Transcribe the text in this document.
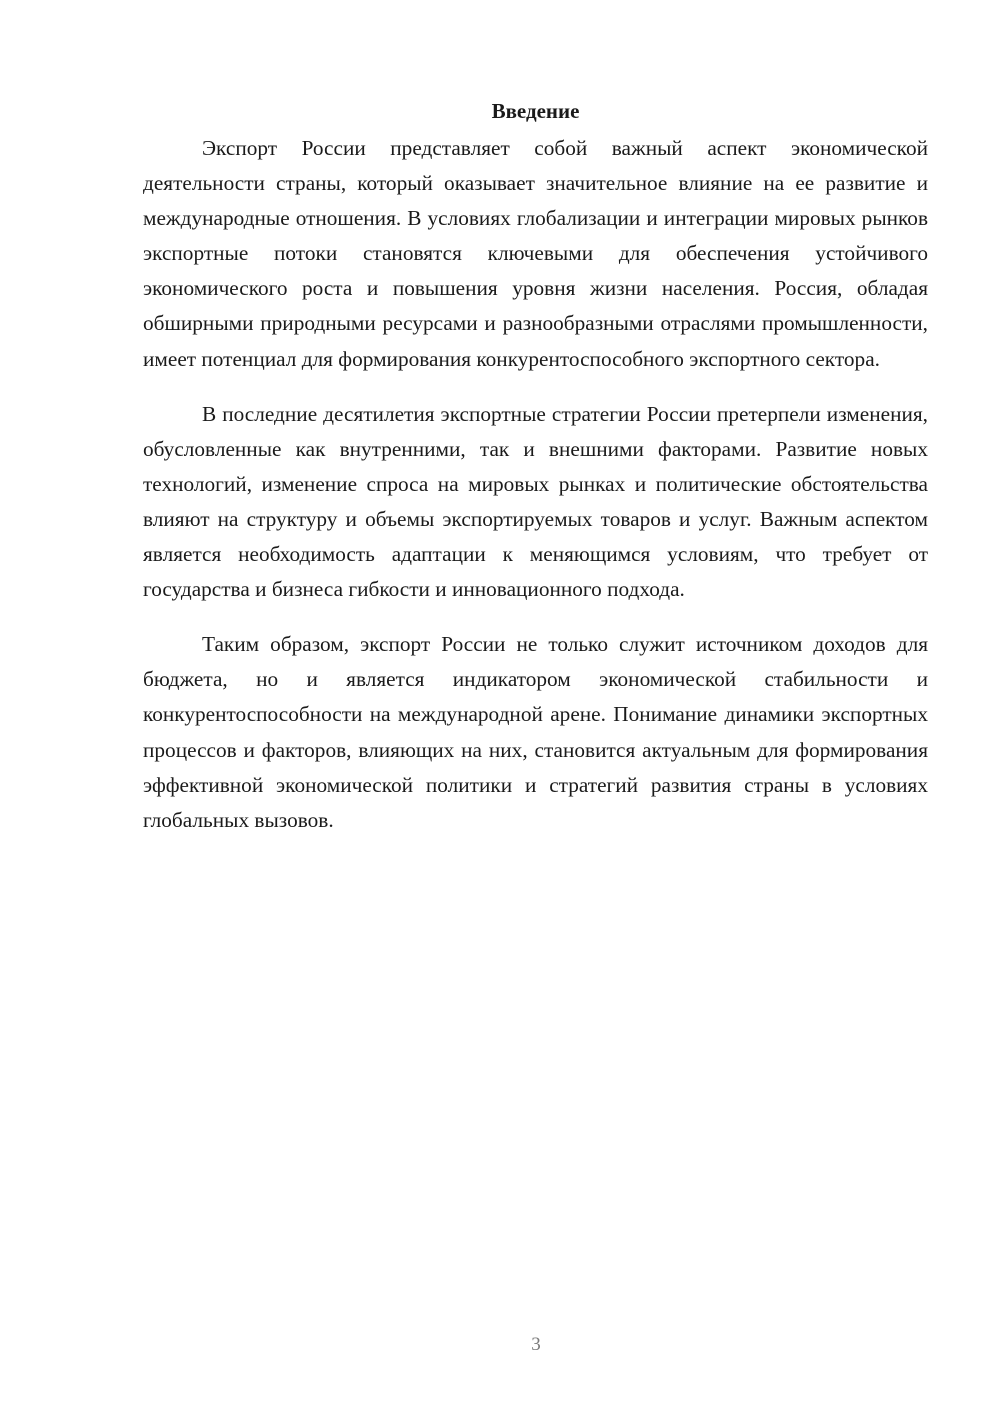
Введение

Экспорт России представляет собой важный аспект экономической деятельности страны, который оказывает значительное влияние на ее развитие и международные отношения. В условиях глобализации и интеграции мировых рынков экспортные потоки становятся ключевыми для обеспечения устойчивого экономического роста и повышения уровня жизни населения. Россия, обладая обширными природными ресурсами и разнообразными отраслями промышленности, имеет потенциал для формирования конкурентоспособного экспортного сектора.

В последние десятилетия экспортные стратегии России претерпели изменения, обусловленные как внутренними, так и внешними факторами. Развитие новых технологий, изменение спроса на мировых рынках и политические обстоятельства влияют на структуру и объемы экспортируемых товаров и услуг. Важным аспектом является необходимость адаптации к меняющимся условиям, что требует от государства и бизнеса гибкости и инновационного подхода.

Таким образом, экспорт России не только служит источником доходов для бюджета, но и является индикатором экономической стабильности и конкурентоспособности на международной арене. Понимание динамики экспортных процессов и факторов, влияющих на них, становится актуальным для формирования эффективной экономической политики и стратегий развития страны в условиях глобальных вызовов.

3
